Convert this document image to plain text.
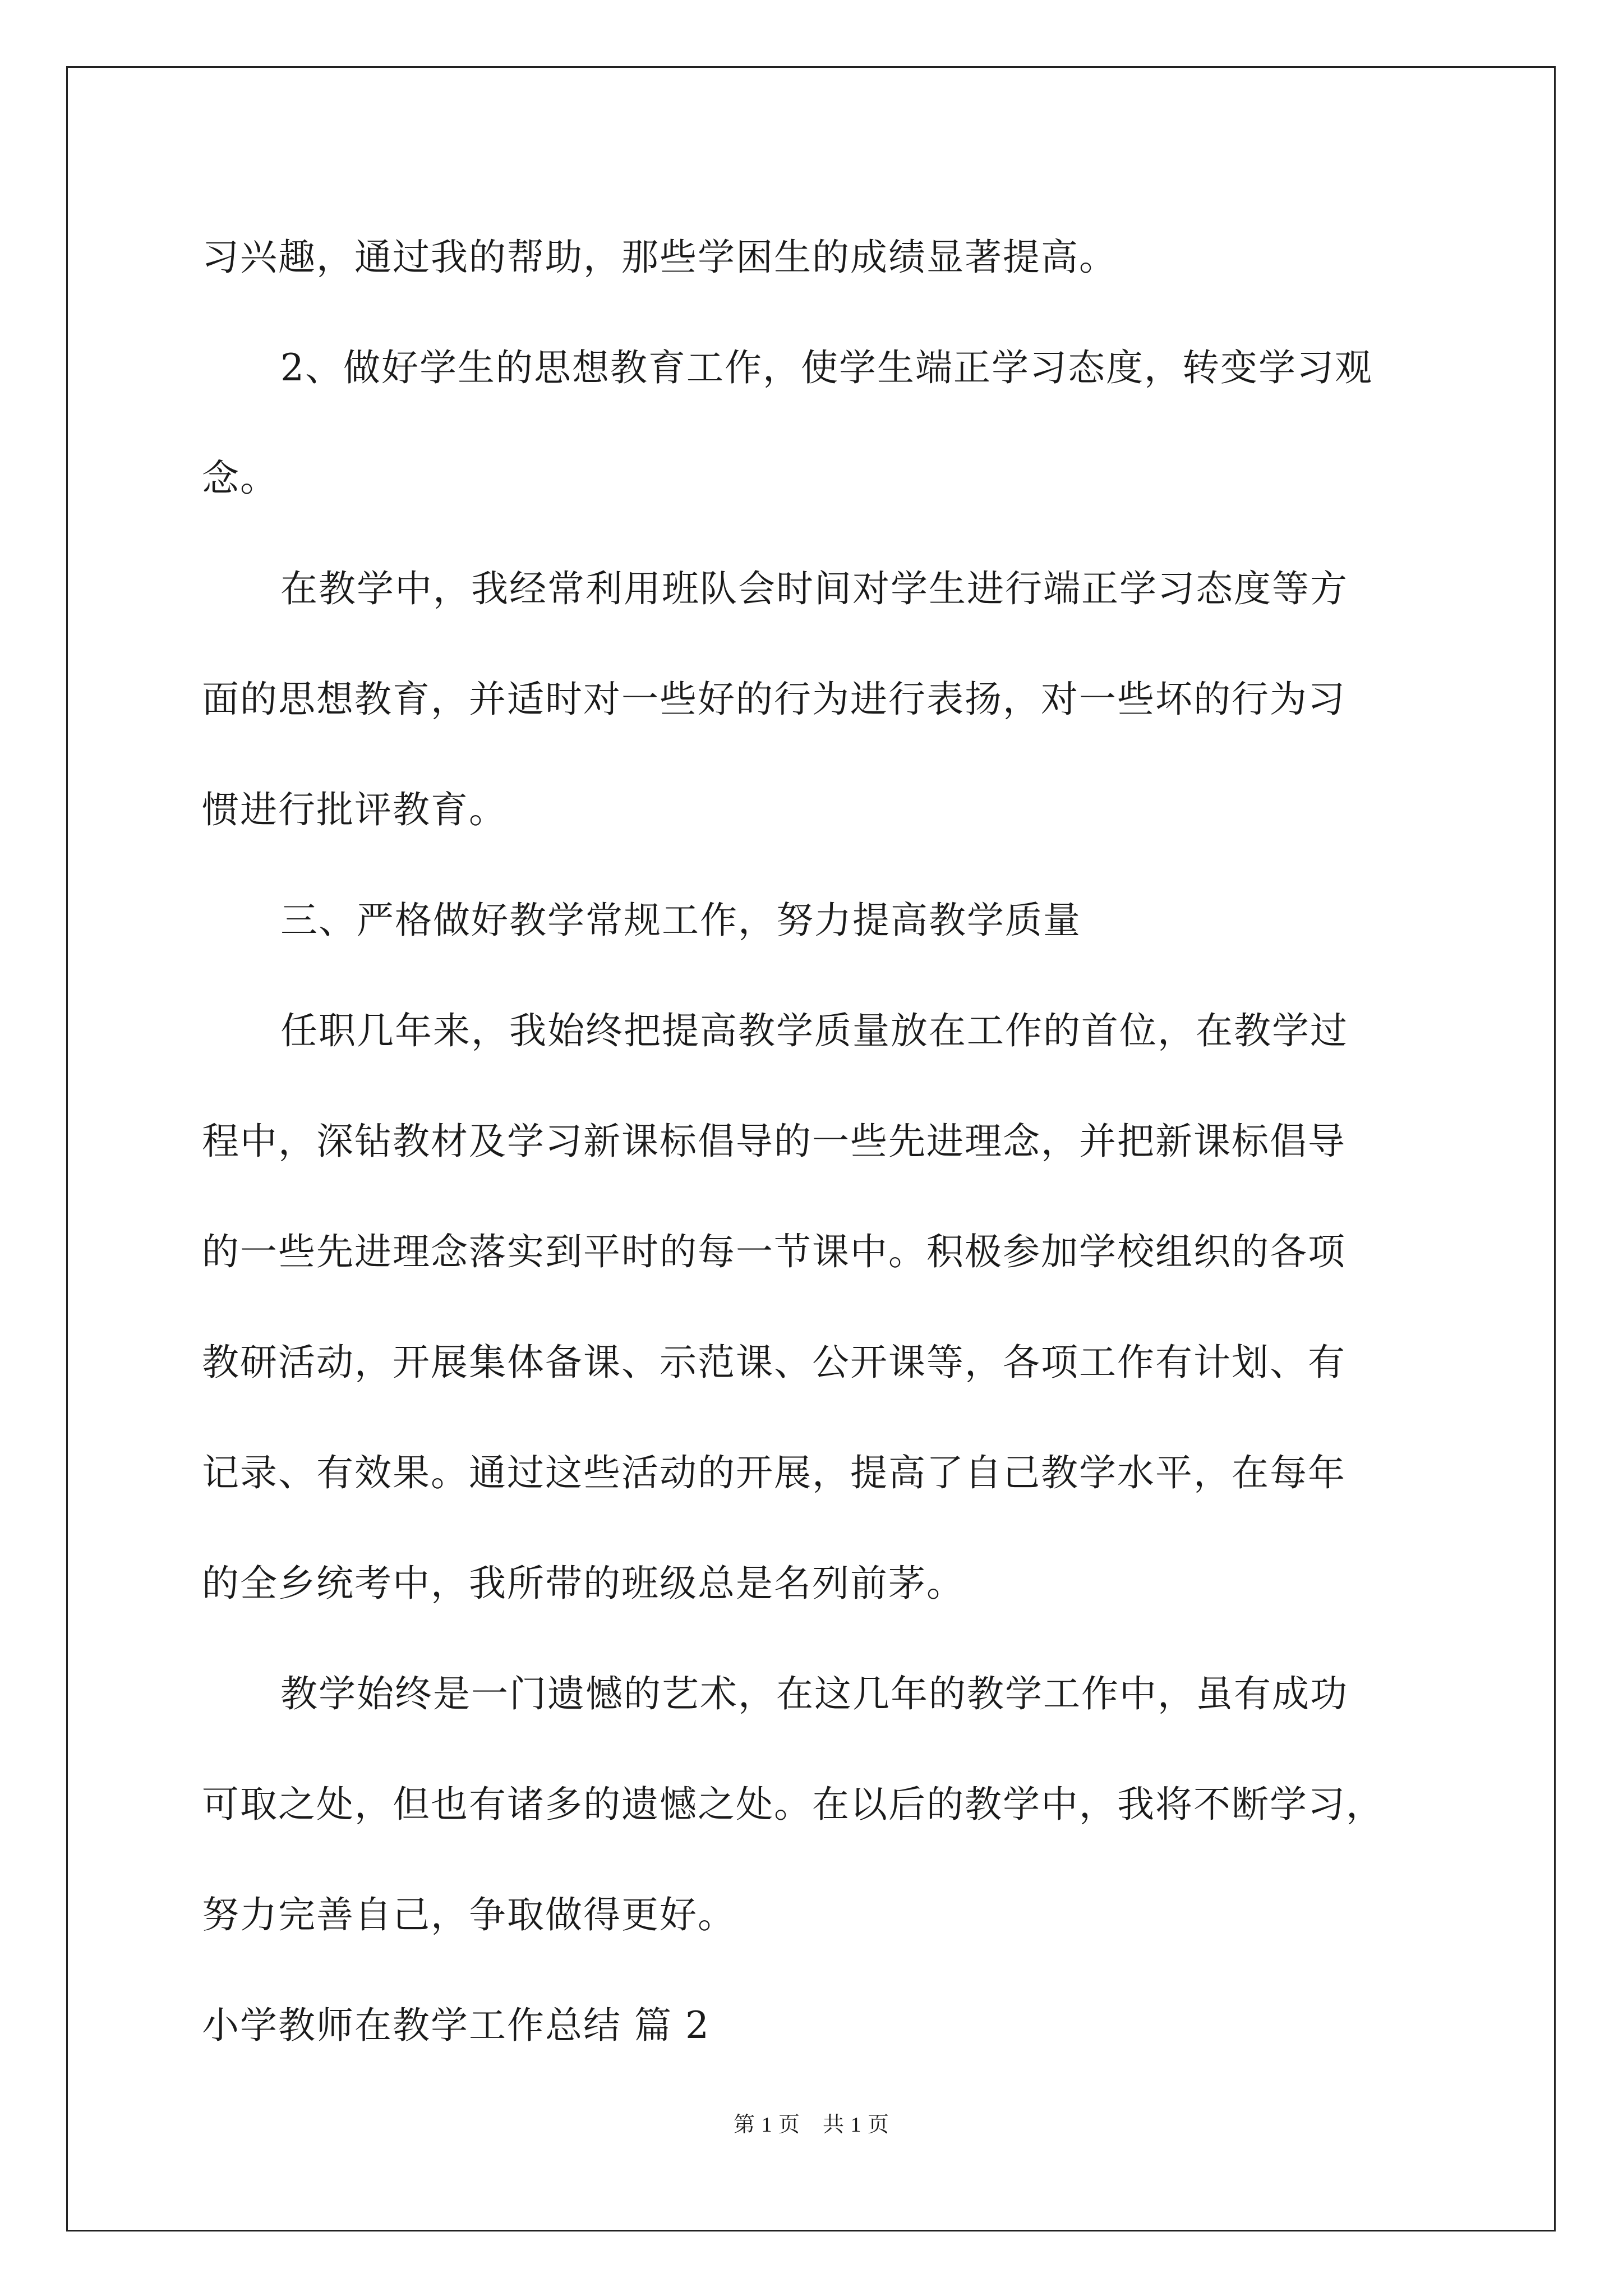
习兴趣，通过我的帮助，那些学困生的成绩显著提高。
2、做好学生的思想教育工作，使学生端正学习态度，转变学习观
念。
在教学中，我经常利用班队会时间对学生进行端正学习态度等方
面的思想教育，并适时对一些好的行为进行表扬，对一些坏的行为习
惯进行批评教育。
三、严格做好教学常规工作，努力提高教学质量
任职几年来，我始终把提高教学质量放在工作的首位，在教学过
程中，深钻教材及学习新课标倡导的一些先进理念，并把新课标倡导
的一些先进理念落实到平时的每一节课中。积极参加学校组织的各项
教研活动，开展集体备课、示范课、公开课等，各项工作有计划、有
记录、有效果。通过这些活动的开展，提高了自己教学水平，在每年
的全乡统考中，我所带的班级总是名列前茅。
教学始终是一门遗憾的艺术，在这几年的教学工作中，虽有成功
可取之处，但也有诸多的遗憾之处。在以后的教学中，我将不断学习，
努力完善自己，争取做得更好。
小学教师在教学工作总结 篇 2
第 1 页 共 1 页
